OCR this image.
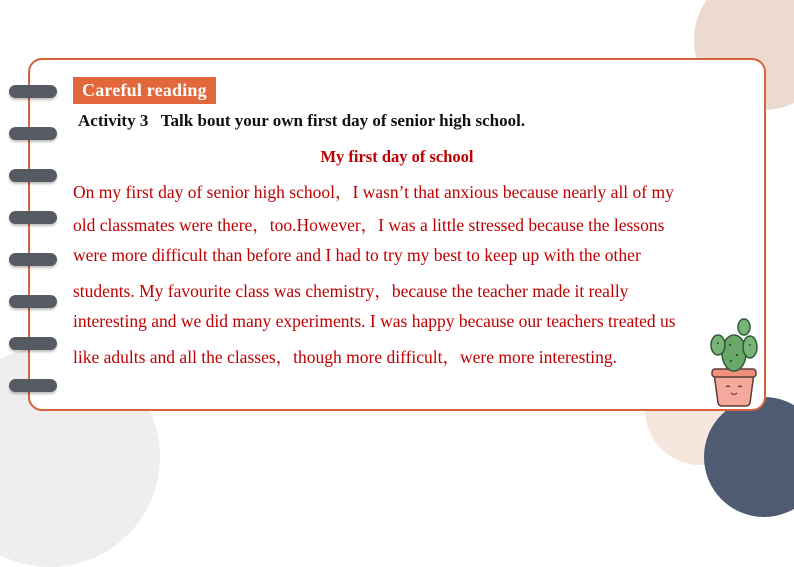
Careful reading
Activity 3   Talk bout your own first day of senior high school.
My first day of school
On my first day of senior high school，I wasn’t that anxious because nearly all of my
old classmates were there，too.However，I was a little stressed because the lessons
were more difficult than before and I had to try my best to keep up with the other
students. My favourite class was chemistry，because the teacher made it really
interesting and we did many experiments. I was happy because our teachers treated us
like adults and all the classes，though more difficult，were more interesting.
